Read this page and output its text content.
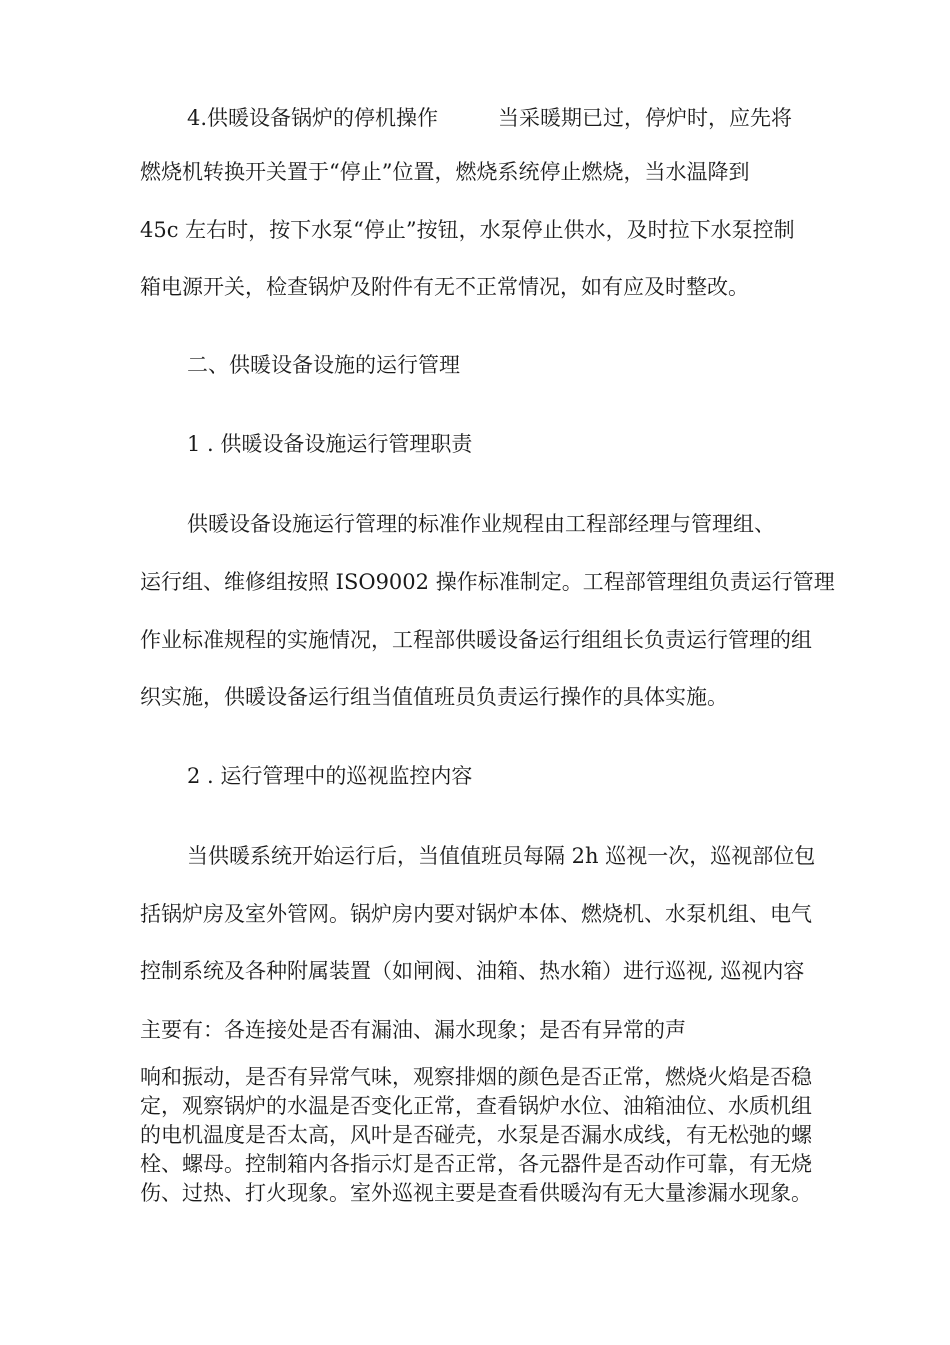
4.供暖设备锅炉的停机操作	当采暖期已过，停炉时，应先将
燃烧机转换开关置于“停止”位置，燃烧系统停止燃烧，当水温降到
45c 左右时，按下水泵“停止”按钮，水泵停止供水，及时拉下水泵控制
箱电源开关，检查锅炉及附件有无不正常情况，如有应及时整改。
二、供暖设备设施的运行管理
1 . 供暖设备设施运行管理职责
供暖设备设施运行管理的标准作业规程由工程部经理与管理组、
运行组、维修组按照 ISO9002 操作标准制定。工程部管理组负责运行管理
作业标准规程的实施情况，工程部供暖设备运行组组长负责运行管理的组
织实施，供暖设备运行组当值值班员负责运行操作的具体实施。
2 . 运行管理中的巡视监控内容
当供暖系统开始运行后，当值值班员每隔 2h 巡视一次，巡视部位包
括锅炉房及室外管网。锅炉房内要对锅炉本体、燃烧机、水泵机组、电气
控制系统及各种附属装置（如闸阀、油箱、热水箱）进行巡视, 巡视内容
主要有：各连接处是否有漏油、漏水现象；是否有异常的声
响和振动，是否有异常气味，观察排烟的颜色是否正常，燃烧火焰是否稳
定，观察锅炉的水温是否变化正常，查看锅炉水位、油箱油位、水质机组
的电机温度是否太高，风叶是否碰壳，水泵是否漏水成线，有无松弛的螺
栓、螺母。控制箱内各指示灯是否正常，各元器件是否动作可靠，有无烧
伤、过热、打火现象。室外巡视主要是查看供暖沟有无大量渗漏水现象。
